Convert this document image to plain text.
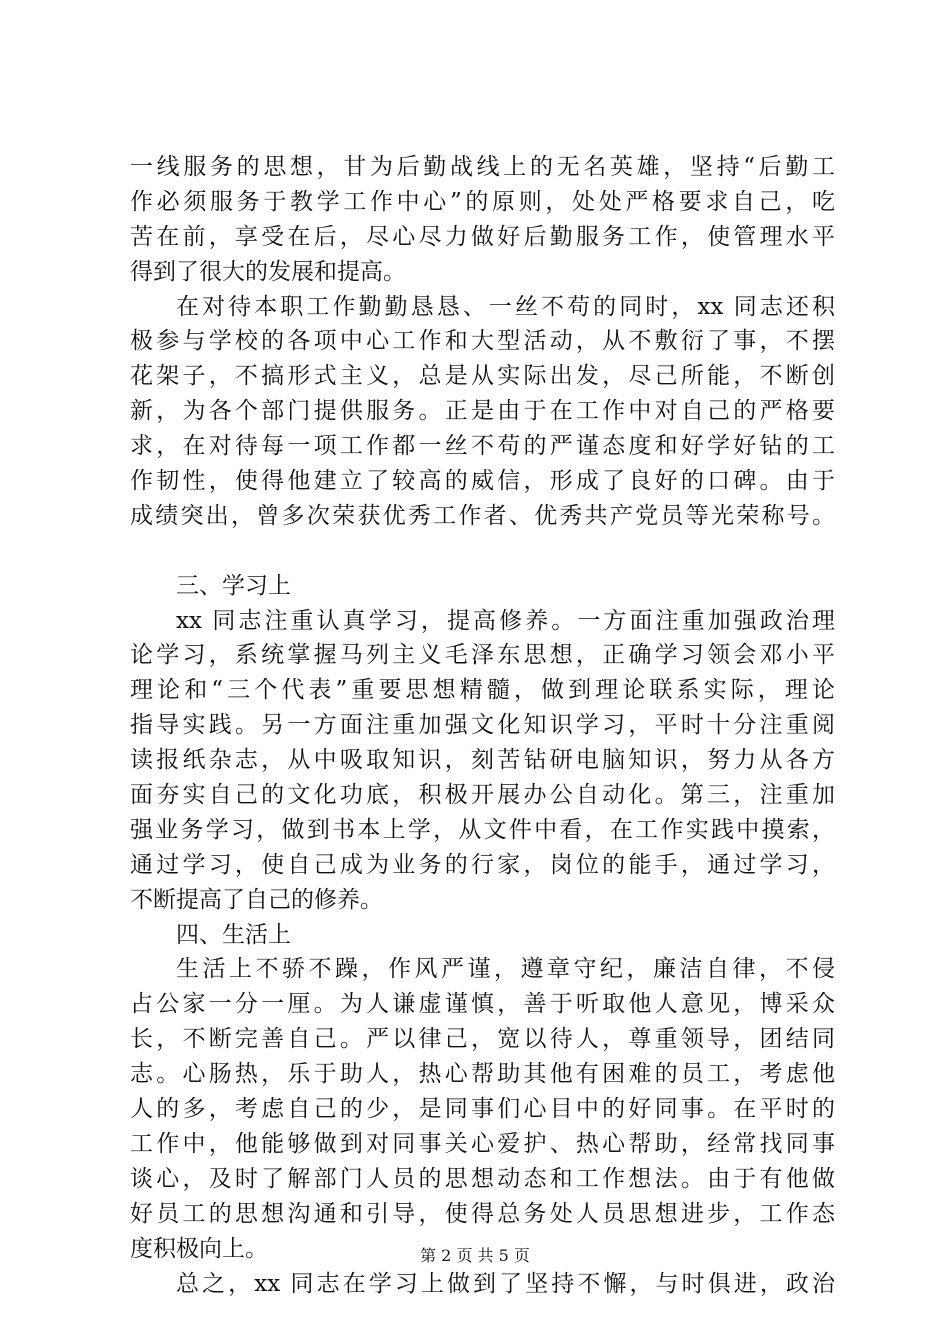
一线服务的思想，甘为后勤战线上的无名英雄，坚持“后勤工
作必须服务于教学工作中心”的原则，处处严格要求自己，吃
苦在前，享受在后，尽心尽力做好后勤服务工作，使管理水平
得到了很大的发展和提高。
在对待本职工作勤勤恳恳、一丝不苟的同时，xx 同志还积
极参与学校的各项中心工作和大型活动，从不敷衍了事，不摆
花架子，不搞形式主义，总是从实际出发，尽己所能，不断创
新，为各个部门提供服务。正是由于在工作中对自己的严格要
求，在对待每一项工作都一丝不苟的严谨态度和好学好钻的工
作韧性，使得他建立了较高的威信，形成了良好的口碑。由于
成绩突出，曾多次荣获优秀工作者、优秀共产党员等光荣称号。
三、学习上
xx 同志注重认真学习，提高修养。一方面注重加强政治理
论学习，系统掌握马列主义毛泽东思想，正确学习领会邓小平
理论和“三个代表”重要思想精髓，做到理论联系实际，理论
指导实践。另一方面注重加强文化知识学习，平时十分注重阅
读报纸杂志，从中吸取知识，刻苦钻研电脑知识，努力从各方
面夯实自己的文化功底，积极开展办公自动化。第三，注重加
强业务学习，做到书本上学，从文件中看，在工作实践中摸索，
通过学习，使自己成为业务的行家，岗位的能手，通过学习，
不断提高了自己的修养。
四、生活上
生活上不骄不躁，作风严谨，遵章守纪，廉洁自律，不侵
占公家一分一厘。为人谦虚谨慎，善于听取他人意见，博采众
长，不断完善自己。严以律己，宽以待人，尊重领导，团结同
志。心肠热，乐于助人，热心帮助其他有困难的员工，考虑他
人的多，考虑自己的少，是同事们心目中的好同事。在平时的
工作中，他能够做到对同事关心爱护、热心帮助，经常找同事
谈心，及时了解部门人员的思想动态和工作想法。由于有他做
好员工的思想沟通和引导，使得总务处人员思想进步，工作态
度积极向上。
总之，xx 同志在学习上做到了坚持不懈，与时俱进，政治
第 2 页 共 5 页
